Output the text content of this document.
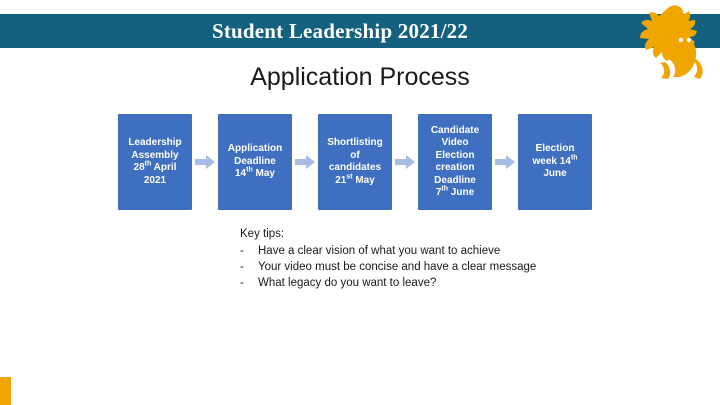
Student Leadership 2021/22
Application Process
Leadership
Assembly
28th April
2021
Application
Deadline
14th May
Shortlisting
of
candidates
21st May
Candidate
Video
Election
creation
Deadline
7th June
Election
week 14th
June
Key tips:
-	Have a clear vision of what you want to achieve
-	Your video must be concise and have a clear message
-	What legacy do you want to leave?
